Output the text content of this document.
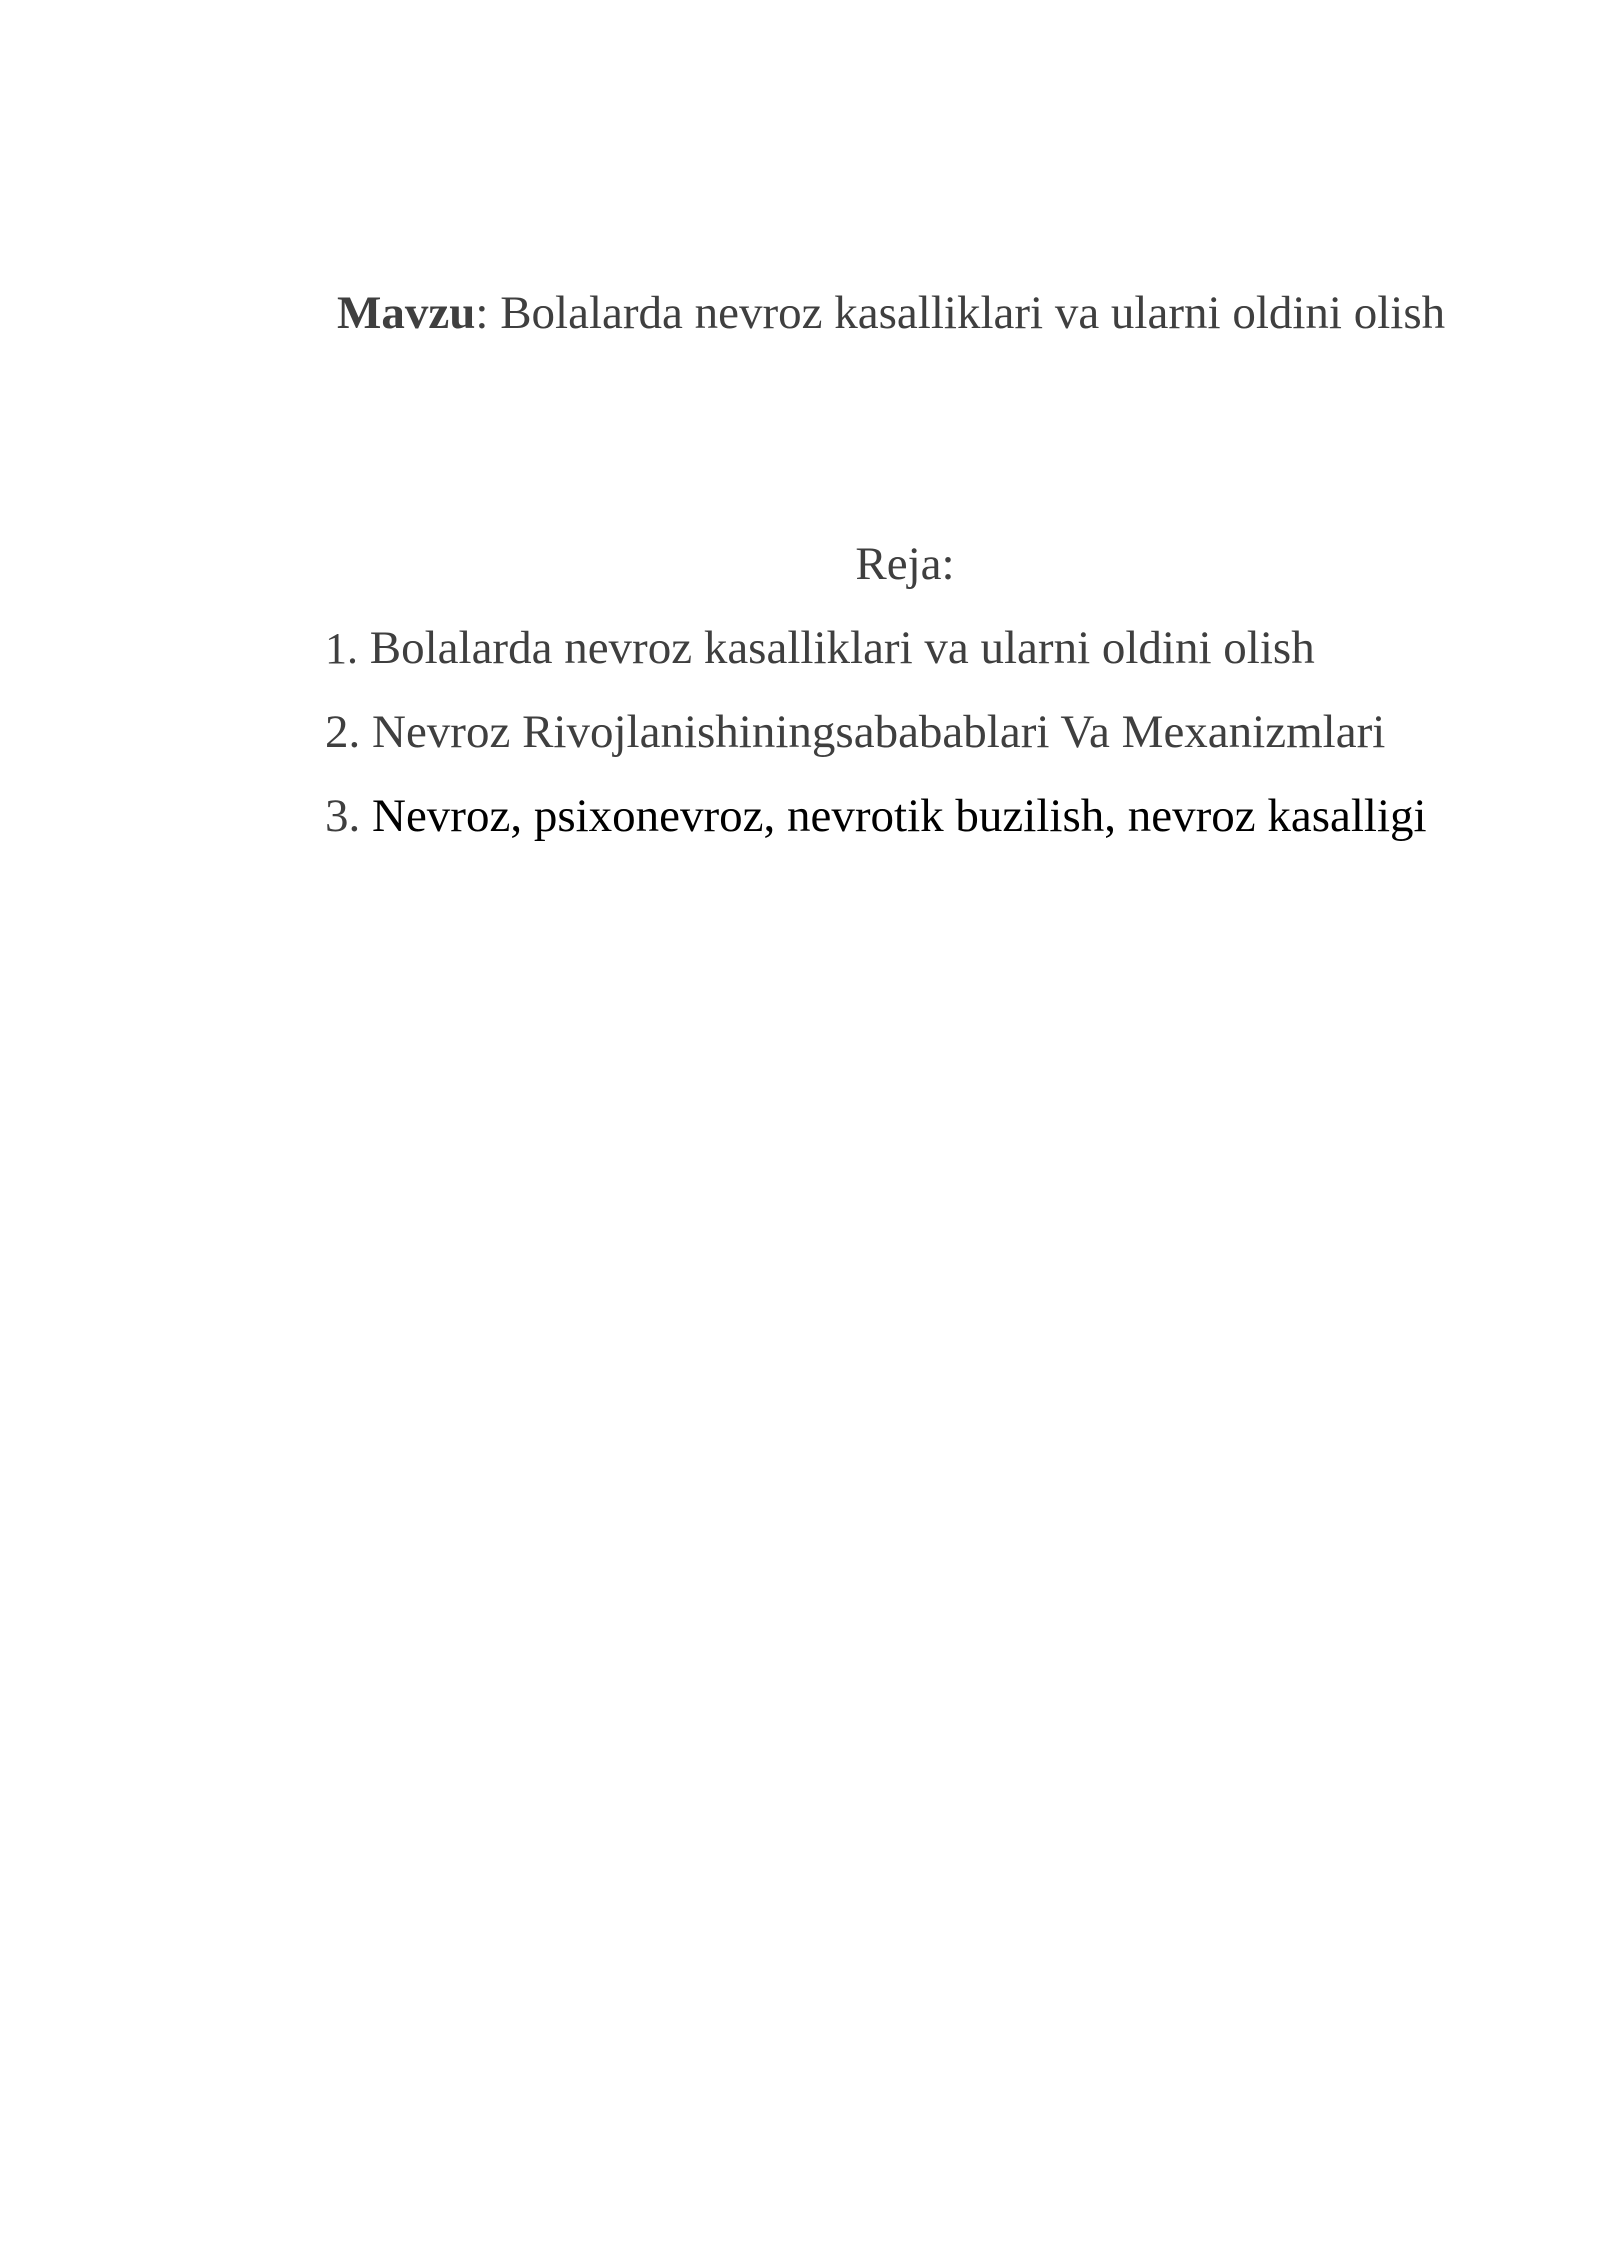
Mavzu: Bolalarda nevroz kasalliklari va ularni oldini olish
Reja:
1. Bolalarda nevroz kasalliklari va ularni oldini olish
2. Nevroz Rivojlanishiningsababablari Va Mexanizmlari
3. Nevroz, psixonevroz, nevrotik buzilish, nevroz kasalligi
